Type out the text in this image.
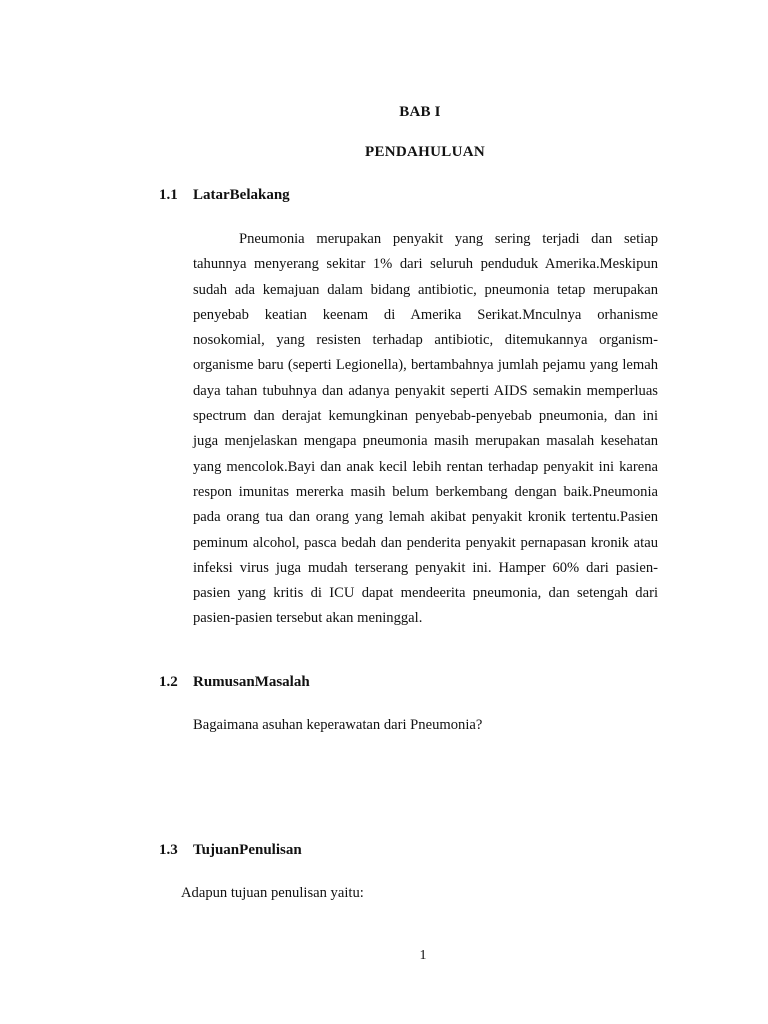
BAB I
PENDAHULUAN
1.1	LatarBelakang

Pneumonia merupakan penyakit yang sering terjadi dan setiap tahunnya menyerang sekitar 1% dari seluruh penduduk Amerika.Meskipun sudah ada kemajuan dalam bidang antibiotic, pneumonia tetap merupakan penyebab keatian keenam di Amerika Serikat.Mnculnya orhanisme nosokomial, yang resisten terhadap antibiotic, ditemukannya organism-organisme baru (seperti Legionella), bertambahnya jumlah pejamu yang lemah daya tahan tubuhnya dan adanya penyakit seperti AIDS semakin memperluas spectrum dan derajat kemungkinan penyebab-penyebab pneumonia, dan ini juga menjelaskan mengapa pneumonia masih merupakan masalah kesehatan yang mencolok.Bayi dan anak kecil lebih rentan terhadap penyakit ini karena respon imunitas mererka masih belum berkembang dengan baik.Pneumonia pada orang tua dan orang yang lemah akibat penyakit kronik tertentu.Pasien peminum alcohol, pasca bedah dan penderita penyakit pernapasan kronik atau infeksi virus juga mudah terserang penyakit ini. Hamper 60% dari pasien-pasien yang kritis di ICU dapat mendeerita pneumonia, dan setengah dari pasien-pasien tersebut akan meninggal.

1.2	RumusanMasalah

Bagaimana asuhan keperawatan dari Pneumonia?

1.3	TujuanPenulisan

Adapun tujuan penulisan yaitu:

1
